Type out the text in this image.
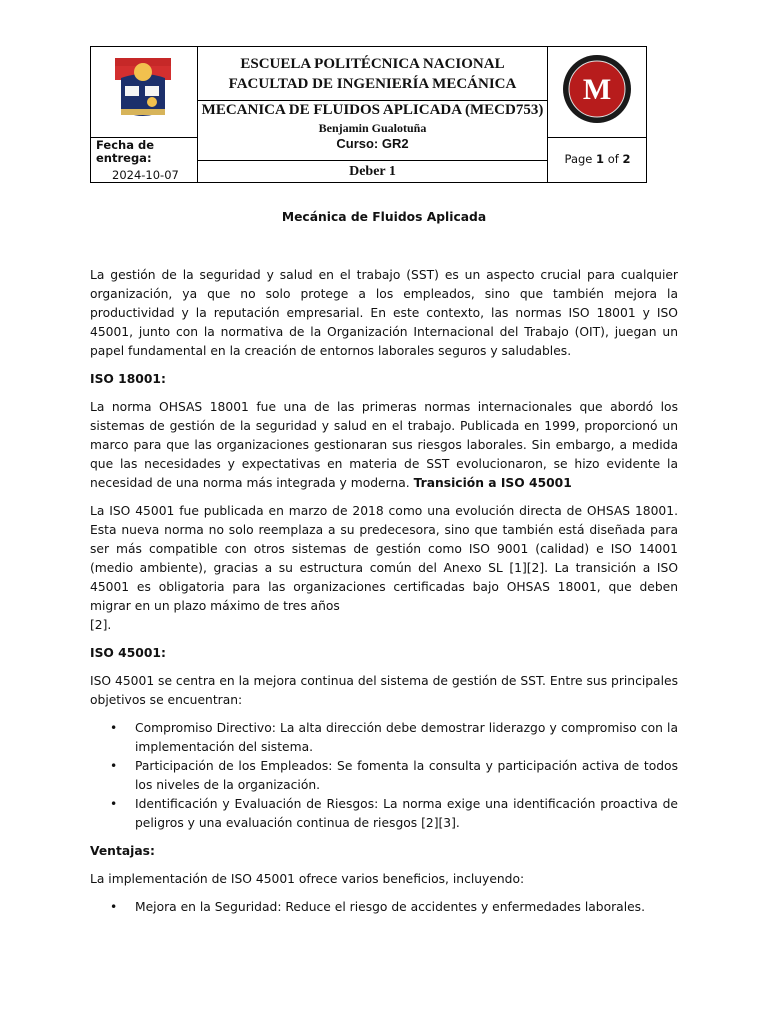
M

ESCUELA POLITÉCNICA NACIONAL
FACULTAD DE INGENIERÍA MECÁNICA
MECANICA DE FLUIDOS APLICADA (MECD753)
Benjamin Gualotuña
Curso: GR2
Fecha de entrega:
2024-10-07
Page 1 of 2
Deber 1
Mecánica de Fluidos Aplicada

La gestión de la seguridad y salud en el trabajo (SST) es un aspecto crucial para cualquier organización, ya que no solo protege a los empleados, sino que también mejora la productividad y la reputación empresarial. En este contexto, las normas ISO 18001 y ISO 45001, junto con la normativa de la Organización Internacional del Trabajo (OIT), juegan un papel fundamental en la creación de entornos laborales seguros y saludables.

ISO 18001:

La norma OHSAS 18001 fue una de las primeras normas internacionales que abordó los sistemas de gestión de la seguridad y salud en el trabajo. Publicada en 1999, proporcionó un marco para que las organizaciones gestionaran sus riesgos laborales. Sin embargo, a medida que las necesidades y expectativas en materia de SST evolucionaron, se hizo evidente la necesidad de una norma más integrada y moderna. Transición a ISO 45001

La ISO 45001 fue publicada en marzo de 2018 como una evolución directa de OHSAS 18001. Esta nueva norma no solo reemplaza a su predecesora, sino que también está diseñada para ser más compatible con otros sistemas de gestión como ISO 9001 (calidad) e ISO 14001 (medio ambiente), gracias a su estructura común del Anexo SL [1][2]. La transición a ISO 45001 es obligatoria para las organizaciones certificadas bajo OHSAS 18001, que deben migrar en un plazo máximo de tres años
[2].

ISO 45001:

ISO 45001 se centra en la mejora continua del sistema de gestión de SST. Entre sus principales objetivos se encuentran:

• Compromiso Directivo: La alta dirección debe demostrar liderazgo y compromiso con la implementación del sistema.
• Participación de los Empleados: Se fomenta la consulta y participación activa de todos los niveles de la organización.
• Identificación y Evaluación de Riesgos: La norma exige una identificación proactiva de peligros y una evaluación continua de riesgos [2][3].

Ventajas:

La implementación de ISO 45001 ofrece varios beneficios, incluyendo:

• Mejora en la Seguridad: Reduce el riesgo de accidentes y enfermedades laborales.
